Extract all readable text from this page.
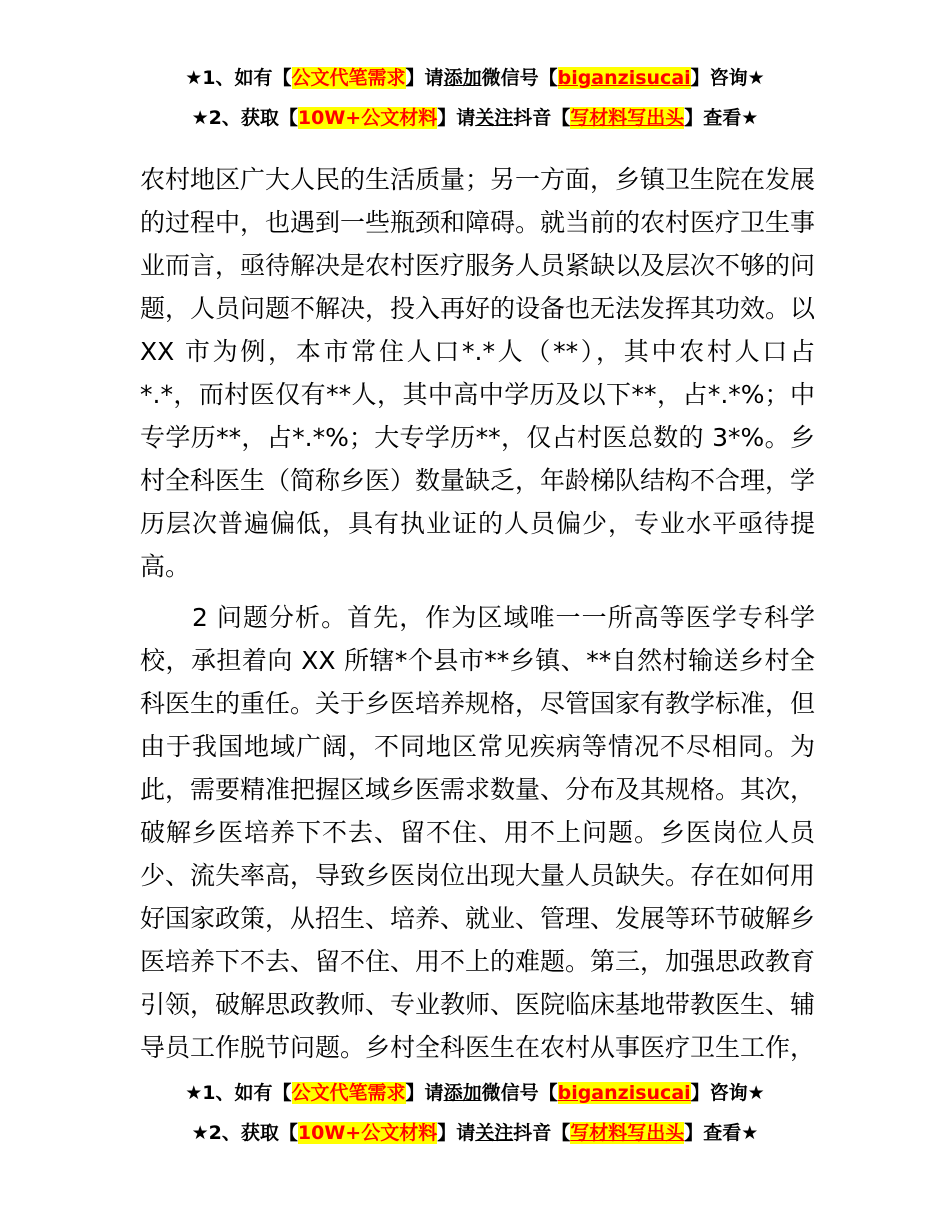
★1、如有【公文代笔需求】请添加微信号【biganzisucai】咨询★
★2、获取【10W+公文材料】请关注抖音【写材料写出头】查看★
农村地区广大人民的生活质量；另一方面，乡镇卫生院在发展
的过程中，也遇到一些瓶颈和障碍。就当前的农村医疗卫生事
业而言，亟待解决是农村医疗服务人员紧缺以及层次不够的问
题，人员问题不解决，投入再好的设备也无法发挥其功效。以
XX 市为例，本市常住人口*.*人（**），其中农村人口占
*.*，而村医仅有**人，其中高中学历及以下**，占*.*%；中
专学历**，占*.*%；大专学历**，仅占村医总数的 3*%。乡
村全科医生（简称乡医）数量缺乏，年龄梯队结构不合理，学
历层次普遍偏低，具有执业证的人员偏少，专业水平亟待提
高。
2 问题分析。首先，作为区域唯一一所高等医学专科学
校，承担着向 XX 所辖*个县市**乡镇、**自然村输送乡村全
科医生的重任。关于乡医培养规格，尽管国家有教学标准，但
由于我国地域广阔，不同地区常见疾病等情况不尽相同。为
此，需要精准把握区域乡医需求数量、分布及其规格。其次，
破解乡医培养下不去、留不住、用不上问题。乡医岗位人员
少、流失率高，导致乡医岗位出现大量人员缺失。存在如何用
好国家政策，从招生、培养、就业、管理、发展等环节破解乡
医培养下不去、留不住、用不上的难题。第三，加强思政教育
引领，破解思政教师、专业教师、医院临床基地带教医生、辅
导员工作脱节问题。乡村全科医生在农村从事医疗卫生工作，
★1、如有【公文代笔需求】请添加微信号【biganzisucai】咨询★
★2、获取【10W+公文材料】请关注抖音【写材料写出头】查看★
